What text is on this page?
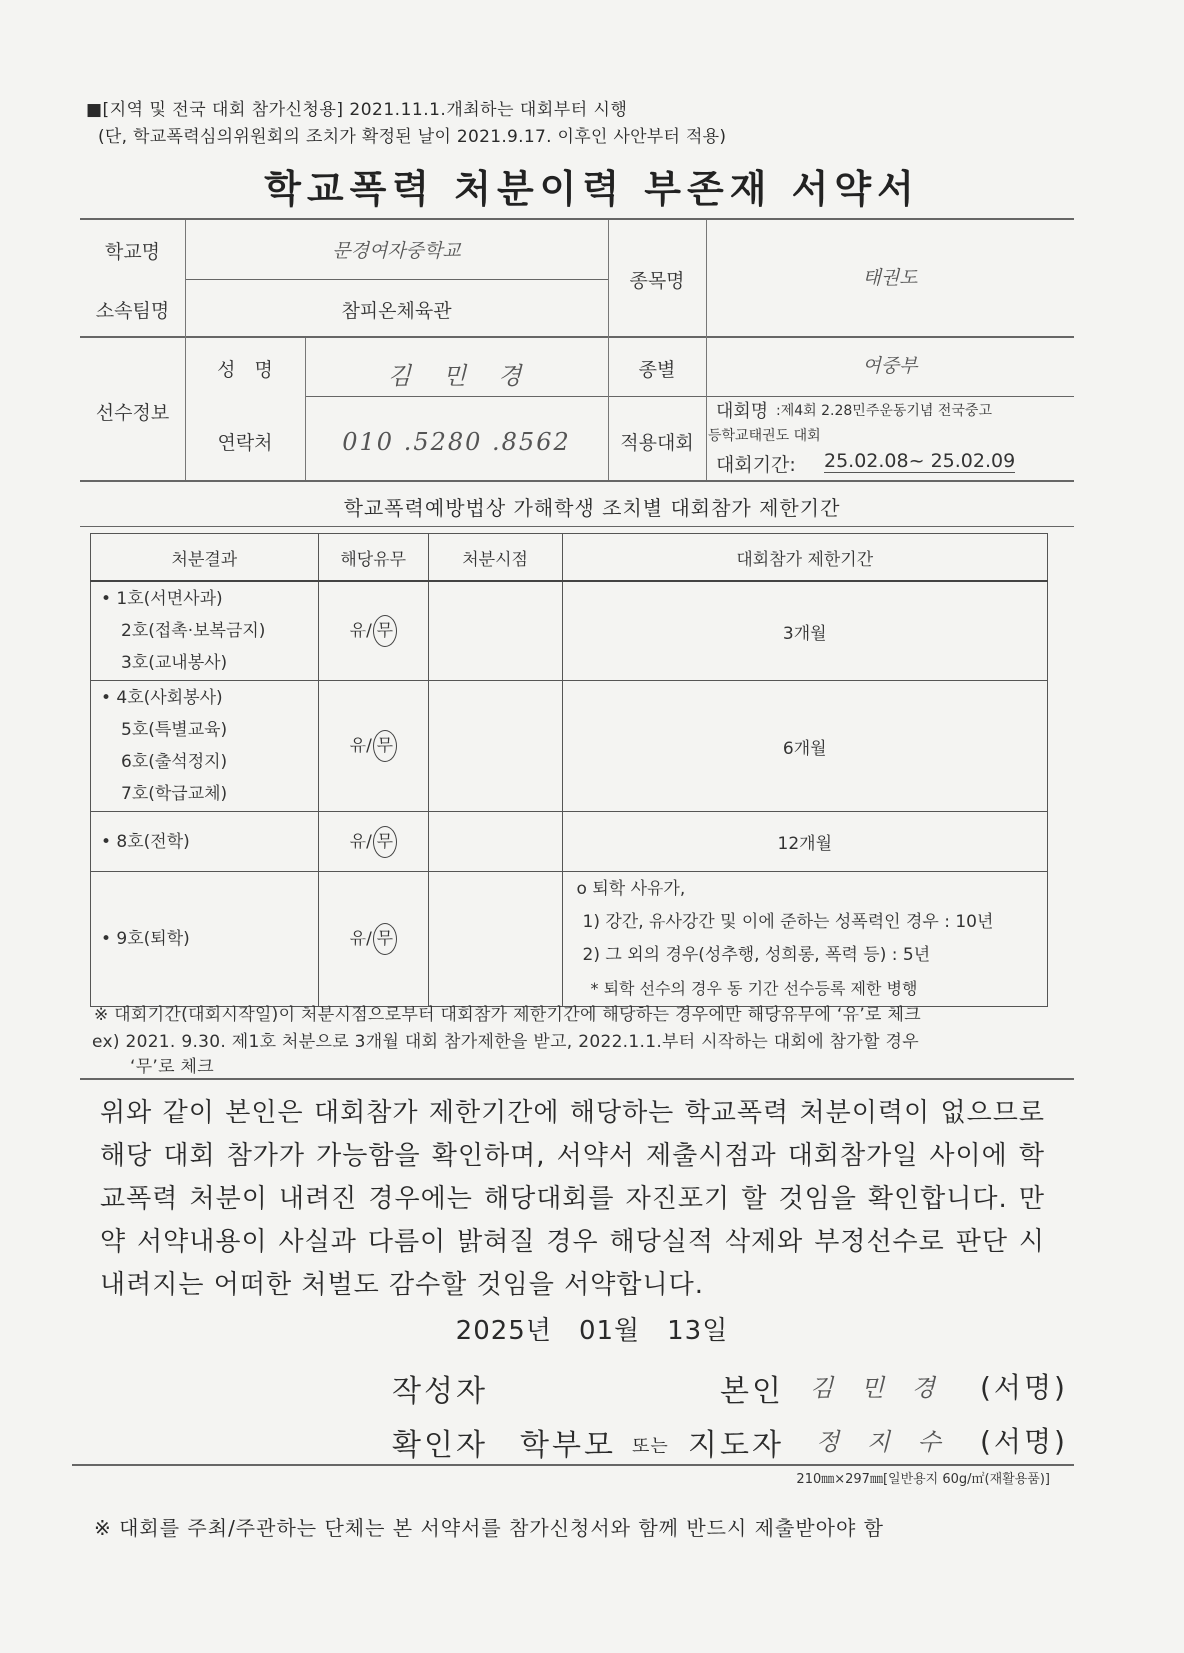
■[지역 및 전국 대회 참가신청용] 2021.11.1.개최하는 대회부터 시행
(단, 학교폭력심의위원회의 조치가 확정된 날이 2021.9.17. 이후인 사안부터 적용)
학교폭력 처분이력 부존재 서약서
학교명	문경여자중학교
소속팀명	참피온체육관
종목명	태권도
선수정보
성　명	김　민　경	종별	여중부
연락처	010 .5280 .8562	적용대회
대회명 :제4회 2.28민주운동기념 전국중고
등학교태권도 대회
대회기간: 25.02.08~ 25.02.09
학교폭력예방법상 가해학생 조치별 대회참가 제한기간
처분결과	해당유무	처분시점	대회참가 제한기간

• 1호(서면사과)
2호(접촉·보복금지)
3호(교내봉사)	유/ 무		3개월

• 4호(사회봉사)
5호(특별교육)
6호(출석정지)
7호(학급교체)	유/ 무		6개월

• 8호(전학)	유/ 무		12개월

• 9호(퇴학)	유/ 무		o 퇴학 사유가,
1) 강간, 유사강간 및 이에 준하는 성폭력인 경우 : 10년
2) 그 외의 경우(성추행, 성희롱, 폭력 등) : 5년
* 퇴학 선수의 경우 동 기간 선수등록 제한 병행
※ 대회기간(대회시작일)이 처분시점으로부터 대회참가 제한기간에 해당하는 경우에만 해당유무에 ‘유’로 체크
ex) 2021. 9.30. 제1호 처분으로 3개월 대회 참가제한을 받고, 2022.1.1.부터 시작하는 대회에 참가할 경우
‘무’로 체크
위와 같이 본인은 대회참가 제한기간에 해당하는 학교폭력 처분이력이 없으므로 해당 대회 참가가 가능함을 확인하며, 서약서 제출시점과 대회참가일 사이에 학교폭력 처분이 내려진 경우에는 해당대회를 자진포기 할 것임을 확인합니다. 만약 서약내용이 사실과 다름이 밝혀질 경우 해당실적 삭제와 부정선수로 판단 시 내려지는 어떠한 처벌도 감수할 것임을 서약합니다.
2025년　01월　13일
작성자	본인 김 민 경 (서명)
확인자 학부모 또는 지도자 정 지 수 (서명)
210㎜×297㎜[일반용지 60g/㎡(재활용품)]
※ 대회를 주최/주관하는 단체는 본 서약서를 참가신청서와 함께 반드시 제출받아야 함
